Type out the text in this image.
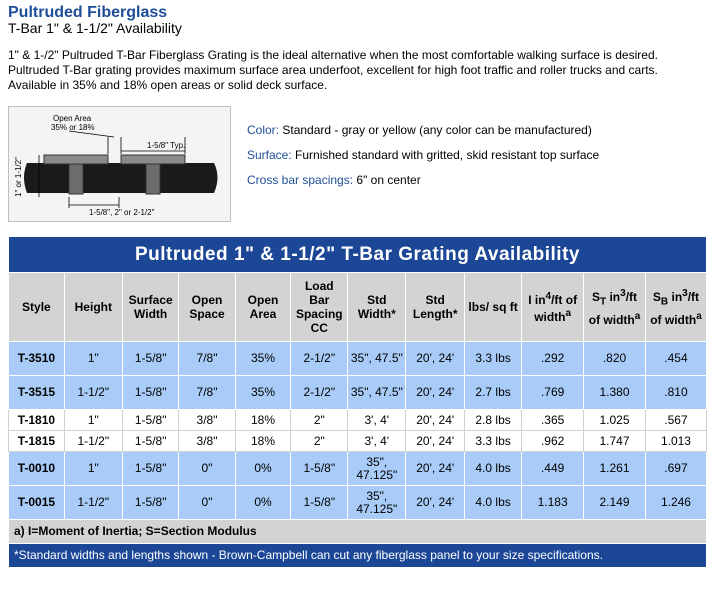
Pultruded Fiberglass
T-Bar 1" & 1-1/2" Availability
1" & 1-/2" Pultruded T-Bar Fiberglass Grating is the ideal alternative when the most comfortable walking surface is desired.
Pultruded T-Bar grating provides maximum surface area underfoot, excellent for high foot traffic and roller trucks and carts.
Available in 35% and 18% open areas or solid deck surface.
Open Area
35% or 18%
1-5/8" Typ.
1" or 1-1/2"
1-5/8", 2" or 2-1/2"
Color: Standard - gray or yellow (any color can be manufactured)
Surface: Furnished standard with gritted, skid resistant top surface
Cross bar spacings: 6" on center
Pultruded 1" & 1-1/2" T-Bar Grating Availability											
Style	Height	Surface Width	Open Space	Open Area	Load Bar Spacing CC	Std Width*	Std Length*	lbs/ sq ft	I $in^4/ft$ of width$^a$	$S_T$ $in^3/ft$ of width$^a$	$S_B$ $in^3/ft$ of width$^a$
T-3510	1"	1-5/8"	7/8"	35%	2-1/2"	35", 47.5"	20', 24'	3.3 lbs	.292	.820	.454
T-3515	1-1/2"	1-5/8"	7/8"	35%	2-1/2"	35", 47.5"	20', 24'	2.7 lbs	.769	1.380	.810
T-1810	1"	1-5/8"	3/8"	18%	2"	3', 4'	20', 24'	2.8 lbs	.365	1.025	.567
T-1815	1-1/2"	1-5/8"	3/8"	18%	2"	3', 4'	20', 24'	3.3 lbs	.962	1.747	1.013
T-0010	1"	1-5/8"	0"	0%	1-5/8"	35", 47.125"	20', 24'	4.0 lbs	.449	1.261	.697
T-0015	1-1/2"	1-5/8"	0"	0%	1-5/8"	35", 47.125"	20', 24'	4.0 lbs	1.183	2.149	1.246
a) I=Moment of Inertia; S=Section Modulus											
*Standard widths and lengths shown - Brown-Campbell can cut any fiberglass panel to your size specifications.											
